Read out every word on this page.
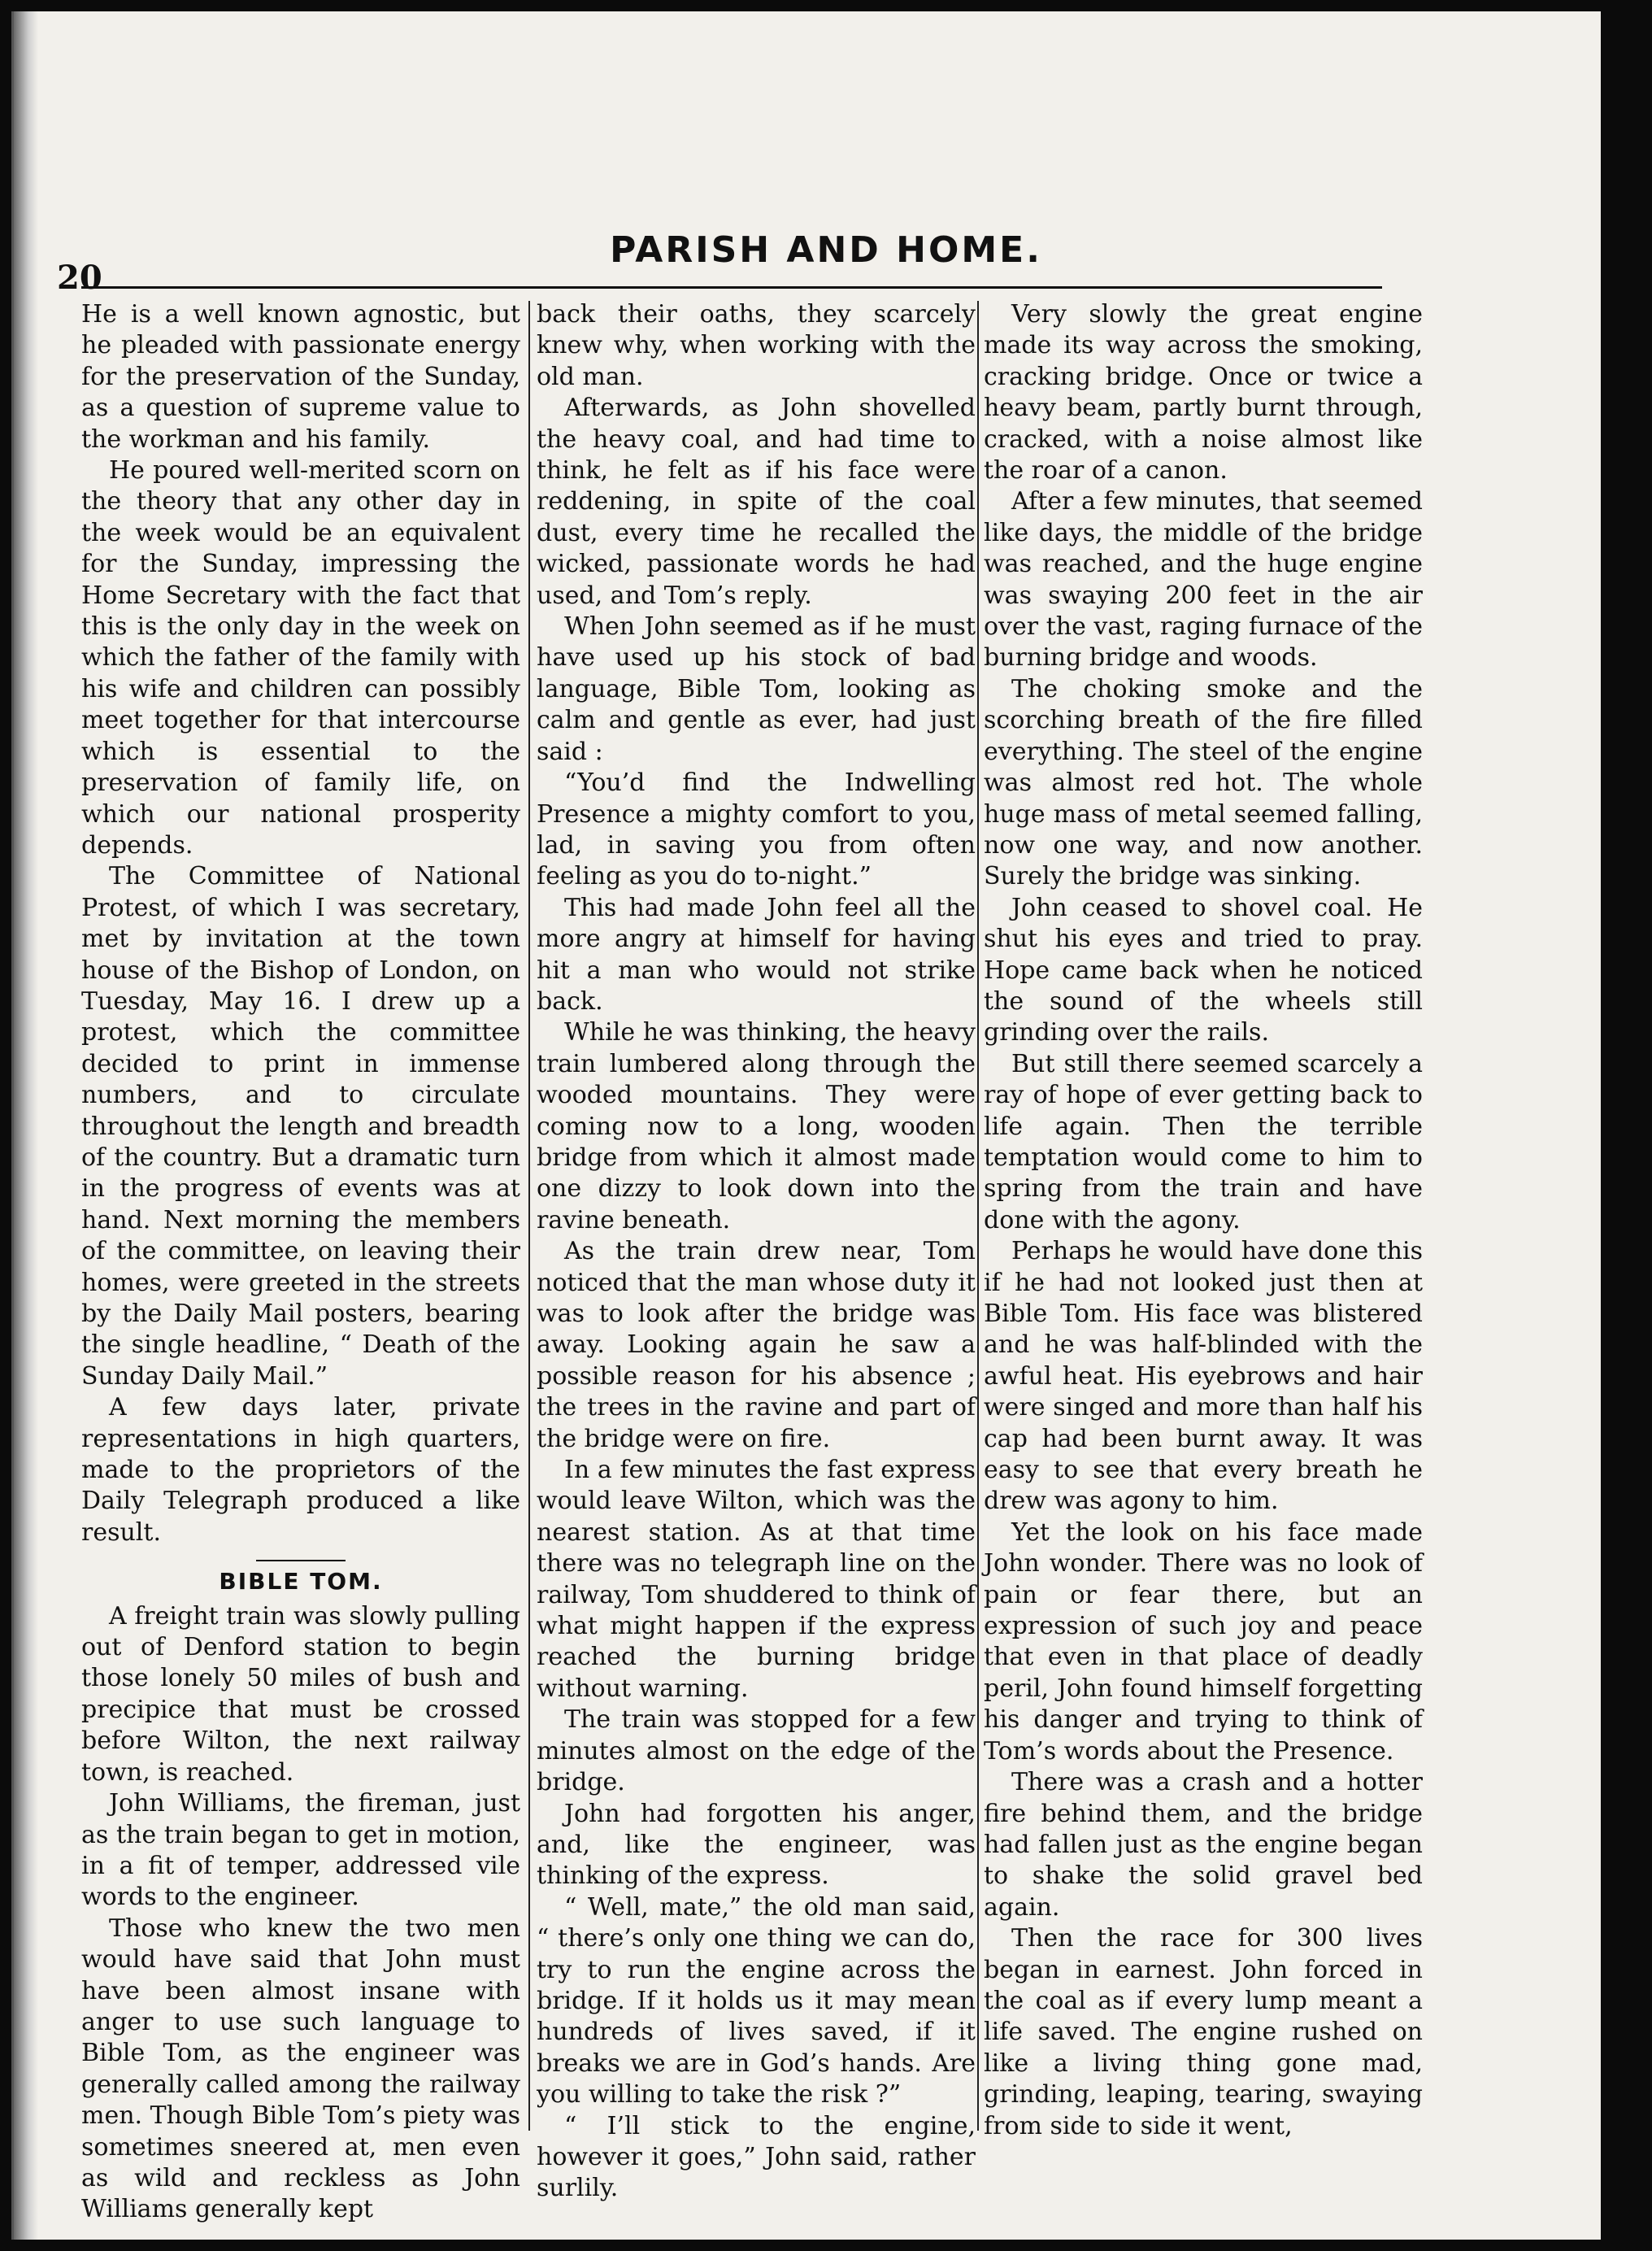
20
PARISH AND HOME.

He is a well known agnostic, but he pleaded with passionate energy for the preservation of the Sunday, as a question of supreme value to the workman and his family.

He poured well-merited scorn on the theory that any other day in the week would be an equivalent for the Sunday, impressing the Home Secretary with the fact that this is the only day in the week on which the father of the family with his wife and children can possibly meet together for that intercourse which is essential to the preservation of family life, on which our national prosperity depends.

The Committee of National Protest, of which I was secretary, met by invitation at the town house of the Bishop of London, on Tuesday, May 16. I drew up a protest, which the committee decided to print in immense numbers, and to circulate throughout the length and breadth of the country. But a dramatic turn in the progress of events was at hand. Next morning the members of the committee, on leaving their homes, were greeted in the streets by the Daily Mail posters, bearing the single headline, “ Death of the Sunday Daily Mail.”

A few days later, private representations in high quarters, made to the proprietors of the Daily Telegraph produced a like result.

BIBLE TOM.

A freight train was slowly pulling out of Denford station to begin those lonely 50 miles of bush and precipice that must be crossed before Wilton, the next railway town, is reached.

John Williams, the fireman, just as the train began to get in motion, in a fit of temper, addressed vile words to the engineer.

Those who knew the two men would have said that John must have been almost insane with anger to use such language to Bible Tom, as the engineer was generally called among the railway men. Though Bible Tom’s piety was sometimes sneered at, men even as wild and reckless as John Williams generally kept

back their oaths, they scarcely knew why, when working with the old man.

Afterwards, as John shovelled the heavy coal, and had time to think, he felt as if his face were reddening, in spite of the coal dust, every time he recalled the wicked, passionate words he had used, and Tom’s reply.

When John seemed as if he must have used up his stock of bad language, Bible Tom, looking as calm and gentle as ever, had just said :

“You’d find the Indwelling Presence a mighty comfort to you, lad, in saving you from often feeling as you do to-night.”

This had made John feel all the more angry at himself for having hit a man who would not strike back.

While he was thinking, the heavy train lumbered along through the wooded mountains. They were coming now to a long, wooden bridge from which it almost made one dizzy to look down into the ravine beneath.

As the train drew near, Tom noticed that the man whose duty it was to look after the bridge was away. Looking again he saw a possible reason for his absence ; the trees in the ravine and part of the bridge were on fire.

In a few minutes the fast express would leave Wilton, which was the nearest station. As at that time there was no telegraph line on the railway, Tom shuddered to think of what might happen if the express reached the burning bridge without warning.

The train was stopped for a few minutes almost on the edge of the bridge.

John had forgotten his anger, and, like the engineer, was thinking of the express.

“ Well, mate,” the old man said, “ there’s only one thing we can do, try to run the engine across the bridge. If it holds us it may mean hundreds of lives saved, if it breaks we are in God’s hands. Are you willing to take the risk ?”

“ I’ll stick to the engine, however it goes,” John said, rather surlily.

Very slowly the great engine made its way across the smoking, cracking bridge. Once or twice a heavy beam, partly burnt through, cracked, with a noise almost like the roar of a canon.

After a few minutes, that seemed like days, the middle of the bridge was reached, and the huge engine was swaying 200 feet in the air over the vast, raging furnace of the burning bridge and woods.

The choking smoke and the scorching breath of the fire filled everything. The steel of the engine was almost red hot. The whole huge mass of metal seemed falling, now one way, and now another. Surely the bridge was sinking.

John ceased to shovel coal. He shut his eyes and tried to pray. Hope came back when he noticed the sound of the wheels still grinding over the rails.

But still there seemed scarcely a ray of hope of ever getting back to life again. Then the terrible temptation would come to him to spring from the train and have done with the agony.

Perhaps he would have done this if he had not looked just then at Bible Tom. His face was blistered and he was half-blinded with the awful heat. His eyebrows and hair were singed and more than half his cap had been burnt away. It was easy to see that every breath he drew was agony to him.

Yet the look on his face made John wonder. There was no look of pain or fear there, but an expression of such joy and peace that even in that place of deadly peril, John found himself forgetting his danger and trying to think of Tom’s words about the Presence.

There was a crash and a hotter fire behind them, and the bridge had fallen just as the engine began to shake the solid gravel bed again.

Then the race for 300 lives began in earnest. John forced in the coal as if every lump meant a life saved. The engine rushed on like a living thing gone mad, grinding, leaping, tearing, swaying from side to side it went,
